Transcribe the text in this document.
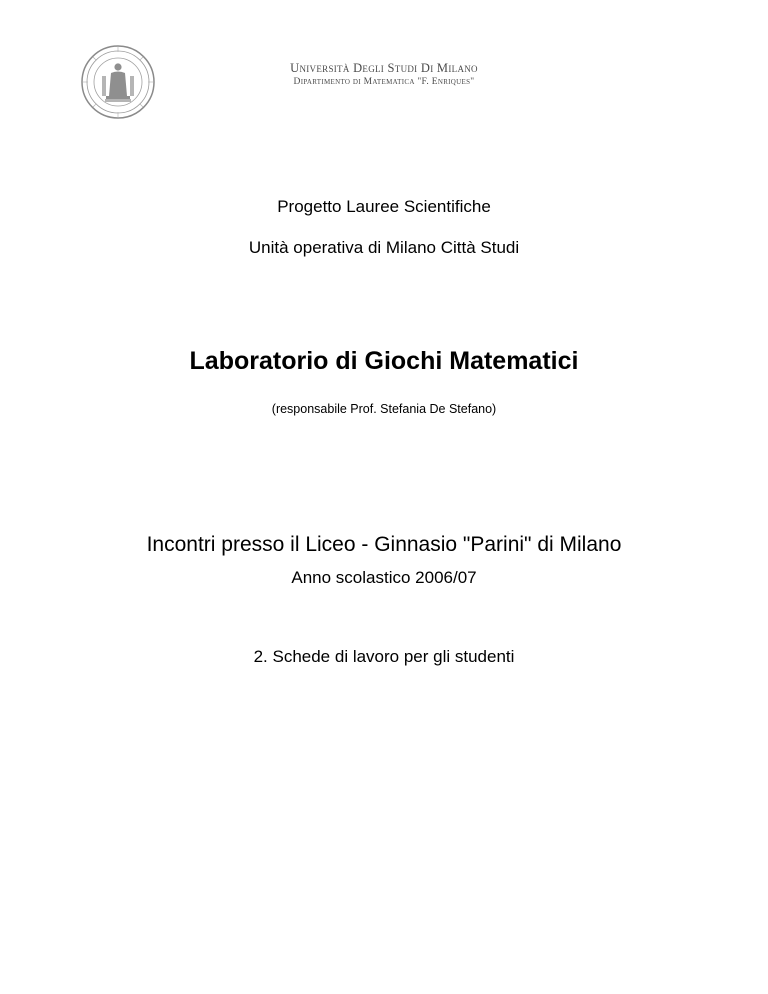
Università Degli Studi Di Milano
Dipartimento di Matematica "F. Enriques"
Progetto Lauree Scientifiche
Unità operativa di Milano Città Studi
Laboratorio di Giochi Matematici
(responsabile Prof. Stefania De Stefano)
Incontri presso il Liceo - Ginnasio "Parini" di Milano
Anno scolastico 2006/07
2. Schede di lavoro per gli studenti
